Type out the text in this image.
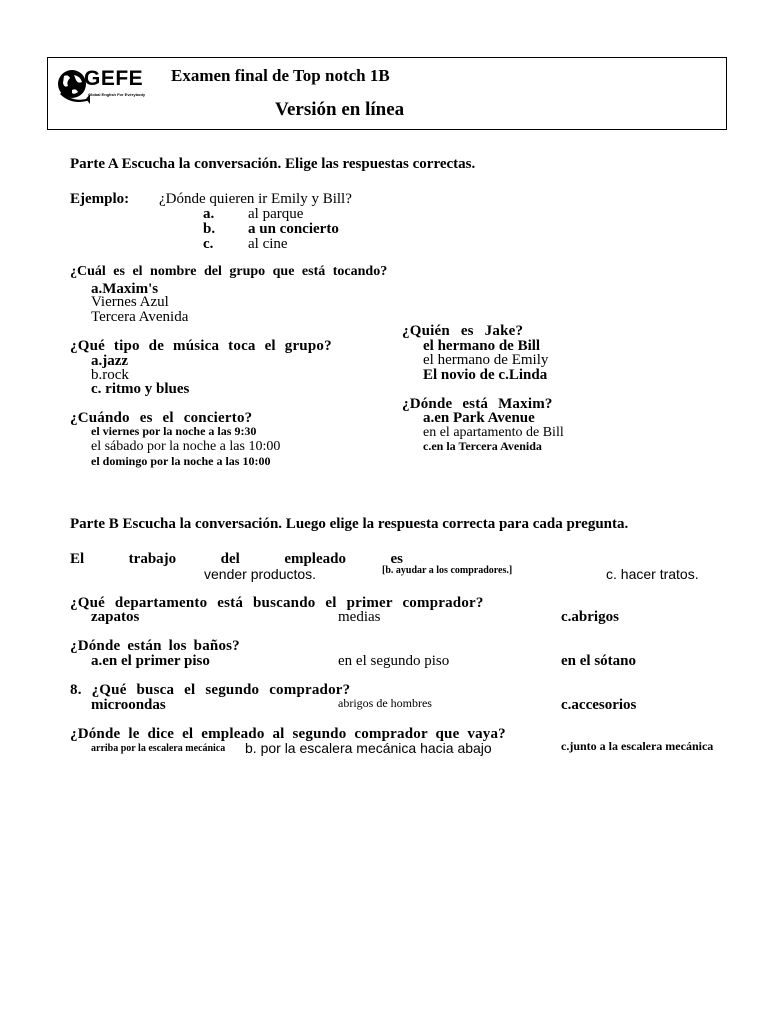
GEFE
Global English For Everybody
Examen final de Top notch 1B
Versión en línea
Parte A Escucha la conversación. Elige las respuestas correctas.
Ejemplo: ¿Dónde quieren ir Emily y Bill?
a. al parque
b. a un concierto
c. al cine
¿Cuál es el nombre del grupo que está tocando?
a.Maxim's
Viernes Azul
Tercera Avenida
¿Qué tipo de música toca el grupo?
a.jazz
b.rock
c. ritmo y blues
¿Cuándo es el concierto?
el viernes por la noche a las 9:30
el sábado por la noche a las 10:00
el domingo por la noche a las 10:00
¿Quién es Jake?
el hermano de Bill
el hermano de Emily
El novio de c.Linda
¿Dónde está Maxim?
a.en Park Avenue
en el apartamento de Bill
c.en la Tercera Avenida
Parte B Escucha la conversación. Luego elige la respuesta correcta para cada pregunta.
El	trabajo	del	empleado	es
vender productos.	[b. ayudar a los compradores.]	c. hacer tratos.
¿Qué departamento está buscando el primer comprador?
zapatos	medias	c.abrigos
¿Dónde están los baños?
a.en el primer piso	en el segundo piso	en el sótano
8. ¿Qué busca el segundo comprador?
microondas	abrigos de hombres	c.accesorios
¿Dónde le dice el empleado al segundo comprador que vaya?
arriba por la escalera mecánica b. por la escalera mecánica hacia abajo	c.junto a la escalera mecánica
